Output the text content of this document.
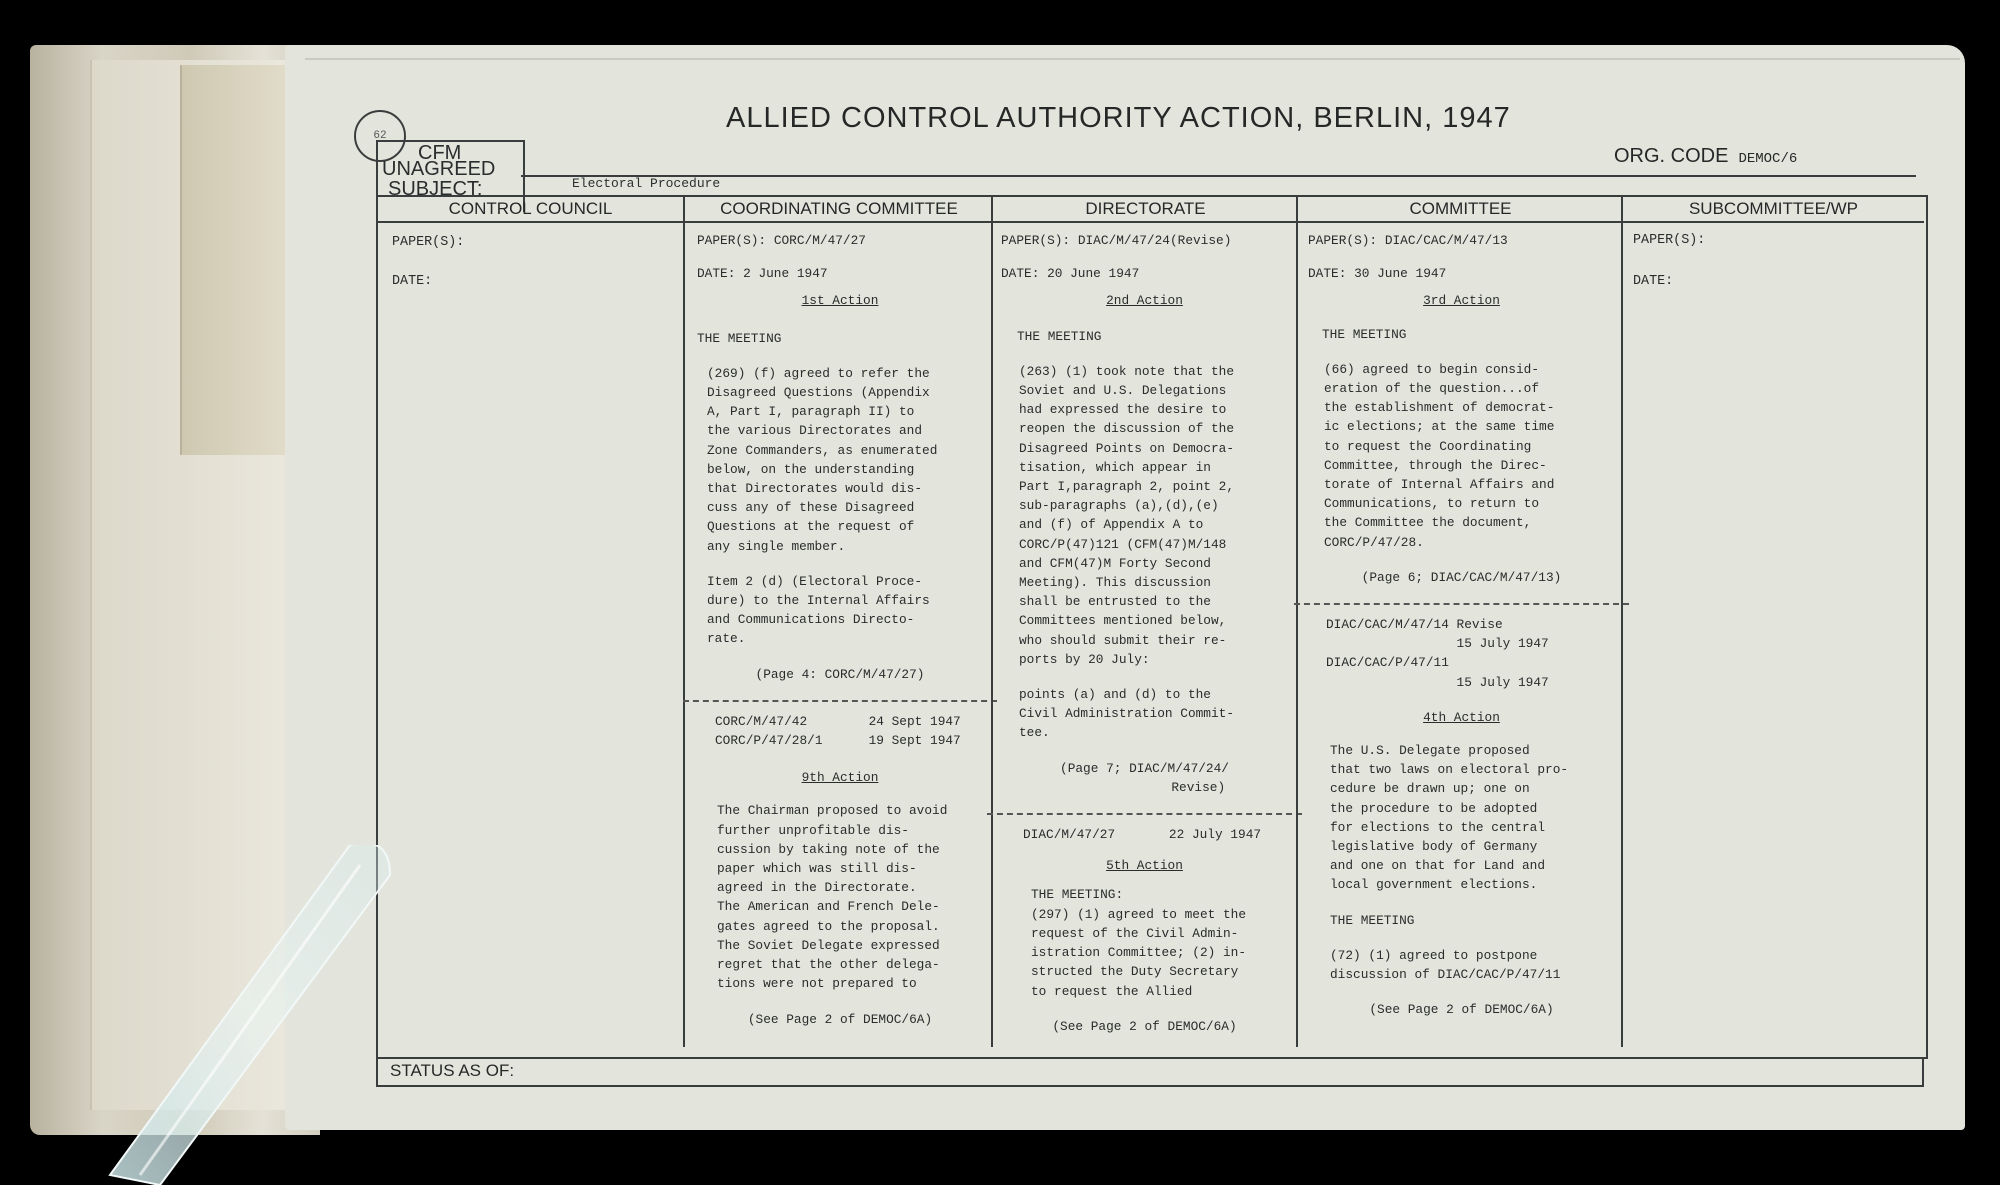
ALLIED CONTROL AUTHORITY ACTION, BERLIN, 1947
62
CFM
UNAGREED
SUBJECT:	Electoral Procedure
ORG. CODE DEMOC/6
CONTROL COUNCIL
PAPER(S):
DATE:
COORDINATING COMMITTEE
PAPER(S): CORC/M/47/27
DATE: 2 June 1947
1st Action
THE MEETING
(269) (f) agreed to refer the
Disagreed Questions (Appendix
A, Part I, paragraph II) to
the various Directorates and
Zone Commanders, as enumerated
below, on the understanding
that Directorates would dis-
cuss any of these Disagreed
Questions at the request of
any single member.
Item 2 (d) (Electoral Proce-
dure) to the Internal Affairs
and Communications Directo-
rate.
(Page 4: CORC/M/47/27)
CORC/M/47/42        24 Sept 1947
CORC/P/47/28/1      19 Sept 1947
9th Action
The Chairman proposed to avoid
further unprofitable dis-
cussion by taking note of the
paper which was still dis-
agreed in the Directorate.
The American and French Dele-
gates agreed to the proposal.
The Soviet Delegate expressed
regret that the other delega-
tions were not prepared to
(See Page 2 of DEMOC/6A)
DIRECTORATE
PAPER(S): DIAC/M/47/24(Revise)
DATE: 20 June 1947
2nd Action
THE MEETING
(263) (1) took note that the
Soviet and U.S. Delegations
had expressed the desire to
reopen the discussion of the
Disagreed Points on Democra-
tisation, which appear in
Part I,paragraph 2, point 2,
sub-paragraphs (a),(d),(e)
and (f) of Appendix A to
CORC/P(47)121 (CFM(47)M/148
and CFM(47)M Forty Second
Meeting). This discussion
shall be entrusted to the
Committees mentioned below,
who should submit their re-
ports by 20 July:
points (a) and (d) to the
Civil Administration Commit-
tee.
(Page 7; DIAC/M/47/24/
Revise)
DIAC/M/47/27       22 July 1947
5th Action
THE MEETING:
(297) (1) agreed to meet the
request of the Civil Admin-
istration Committee; (2) in-
structed the Duty Secretary
to request the Allied
(See Page 2 of DEMOC/6A)
COMMITTEE
PAPER(S): DIAC/CAC/M/47/13
DATE: 30 June 1947
3rd Action
THE MEETING
(66) agreed to begin consid-
eration of the question...of
the establishment of democrat-
ic elections; at the same time
to request the Coordinating
Committee, through the Direc-
torate of Internal Affairs and
Communications, to return to
the Committee the document,
CORC/P/47/28.
(Page 6; DIAC/CAC/M/47/13)
DIAC/CAC/M/47/14 Revise
15 July 1947
DIAC/CAC/P/47/11
15 July 1947
4th Action
The U.S. Delegate proposed
that two laws on electoral pro-
cedure be drawn up; one on
the procedure to be adopted
for elections to the central
legislative body of Germany
and one on that for Land and
local government elections.
THE MEETING
(72) (1) agreed to postpone
discussion of DIAC/CAC/P/47/11
(See Page 2 of DEMOC/6A)
SUBCOMMITTEE/WP
PAPER(S):
DATE:
STATUS AS OF:
